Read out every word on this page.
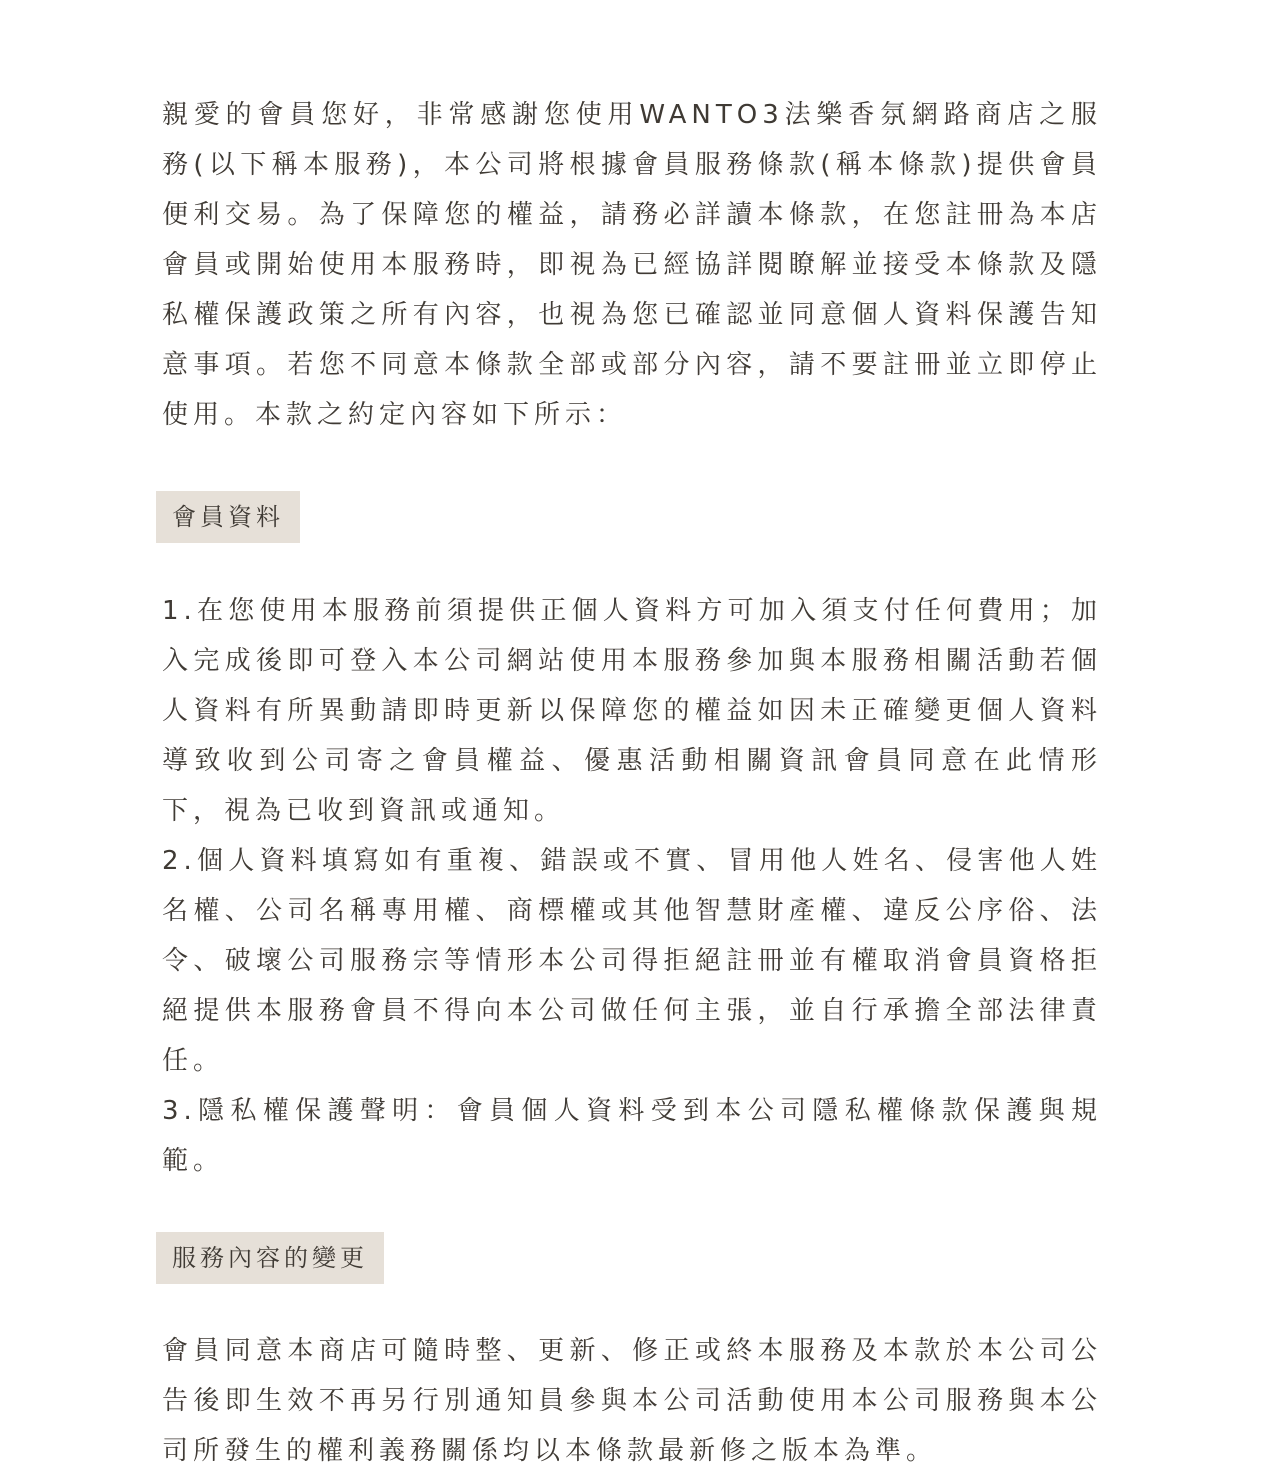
親愛的會員您好，非常感謝您使用WANTO3法樂香氛網路商店之服務(以下稱本服務)，本公司將根據會員服務條款(稱本條款)提供會員便利交易。為了保障您的權益，請務必詳讀本條款，在您註冊為本店會員或開始使用本服務時，即視為已經協詳閱瞭解並接受本條款及隱私權保護政策之所有內容，也視為您已確認並同意個人資料保護告知意事項。若您不同意本條款全部或部分內容，請不要註冊並立即停止使用。本款之約定內容如下所示：

會員資料

1.在您使用本服務前須提供正個人資料方可加入須支付任何費用；加入完成後即可登入本公司網站使用本服務參加與本服務相關活動若個人資料有所異動請即時更新以保障您的權益如因未正確變更個人資料導致收到公司寄之會員權益、優惠活動相關資訊會員同意在此情形下，視為已收到資訊或通知。

2.個人資料填寫如有重複、錯誤或不實、冒用他人姓名、侵害他人姓名權、公司名稱專用權、商標權或其他智慧財產權、違反公序俗、法令、破壞公司服務宗等情形本公司得拒絕註冊並有權取消會員資格拒絕提供本服務會員不得向本公司做任何主張，並自行承擔全部法律責任。

3.隱私權保護聲明：會員個人資料受到本公司隱私權條款保護與規範。

服務內容的變更

會員同意本商店可隨時整、更新、修正或終本服務及本款於本公司公告後即生效不再另行別通知員參與本公司活動使用本公司服務與本公司所發生的權利義務關係均以本條款最新修之版本為準。
